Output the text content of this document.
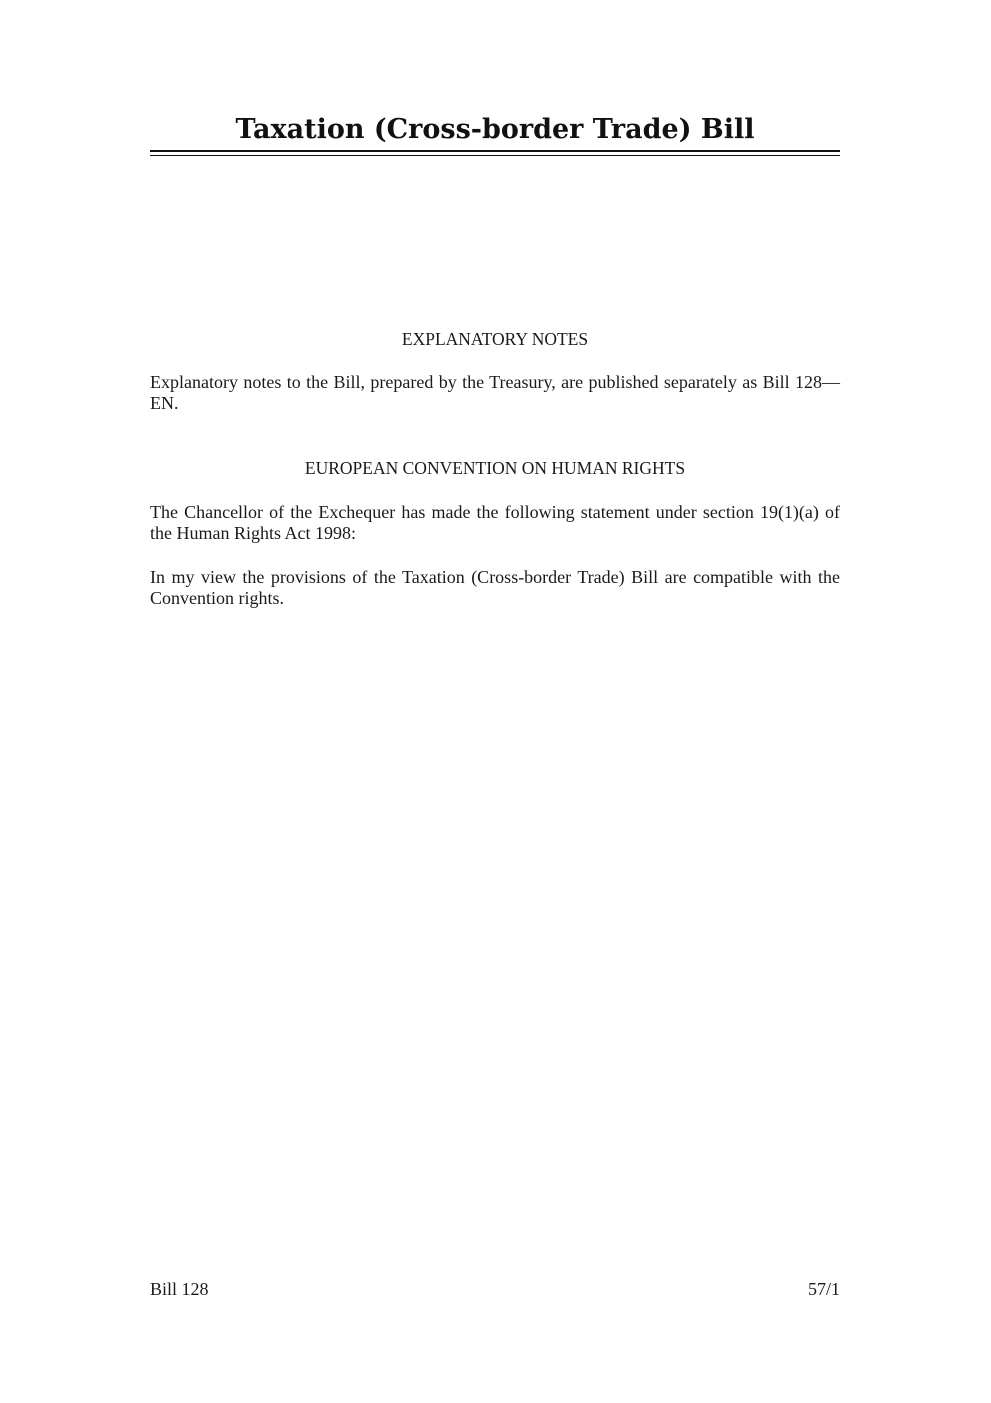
Taxation (Cross-border Trade) Bill
EXPLANATORY NOTES

Explanatory notes to the Bill, prepared by the Treasury, are published separately as Bill 128—EN.

EUROPEAN CONVENTION ON HUMAN RIGHTS

The Chancellor of the Exchequer has made the following statement under section 19(1)(a) of the Human Rights Act 1998:

In my view the provisions of the Taxation (Cross-border Trade) Bill are compatible with the Convention rights.

Bill 128	57/1
